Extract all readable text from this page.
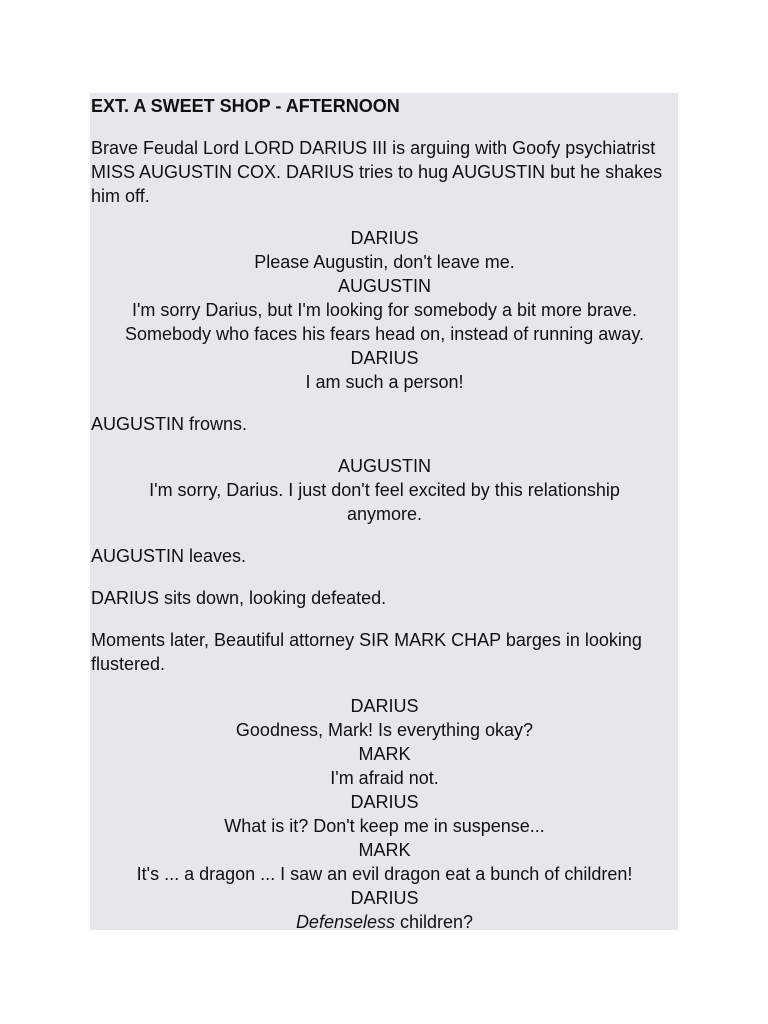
EXT. A SWEET SHOP - AFTERNOON

Brave Feudal Lord LORD DARIUS III is arguing with Goofy psychiatrist MISS AUGUSTIN COX. DARIUS tries to hug AUGUSTIN but he shakes him off.

DARIUS
Please Augustin, don't leave me.
AUGUSTIN
I'm sorry Darius, but I'm looking for somebody a bit more brave. Somebody who faces his fears head on, instead of running away.
DARIUS
I am such a person!

AUGUSTIN frowns.

AUGUSTIN
I'm sorry, Darius. I just don't feel excited by this relationship anymore.

AUGUSTIN leaves.

DARIUS sits down, looking defeated.

Moments later, Beautiful attorney SIR MARK CHAP barges in looking flustered.

DARIUS
Goodness, Mark! Is everything okay?
MARK
I'm afraid not.
DARIUS
What is it? Don't keep me in suspense...
MARK
It's ... a dragon ... I saw an evil dragon eat a bunch of children!
DARIUS
Defenseless children?
